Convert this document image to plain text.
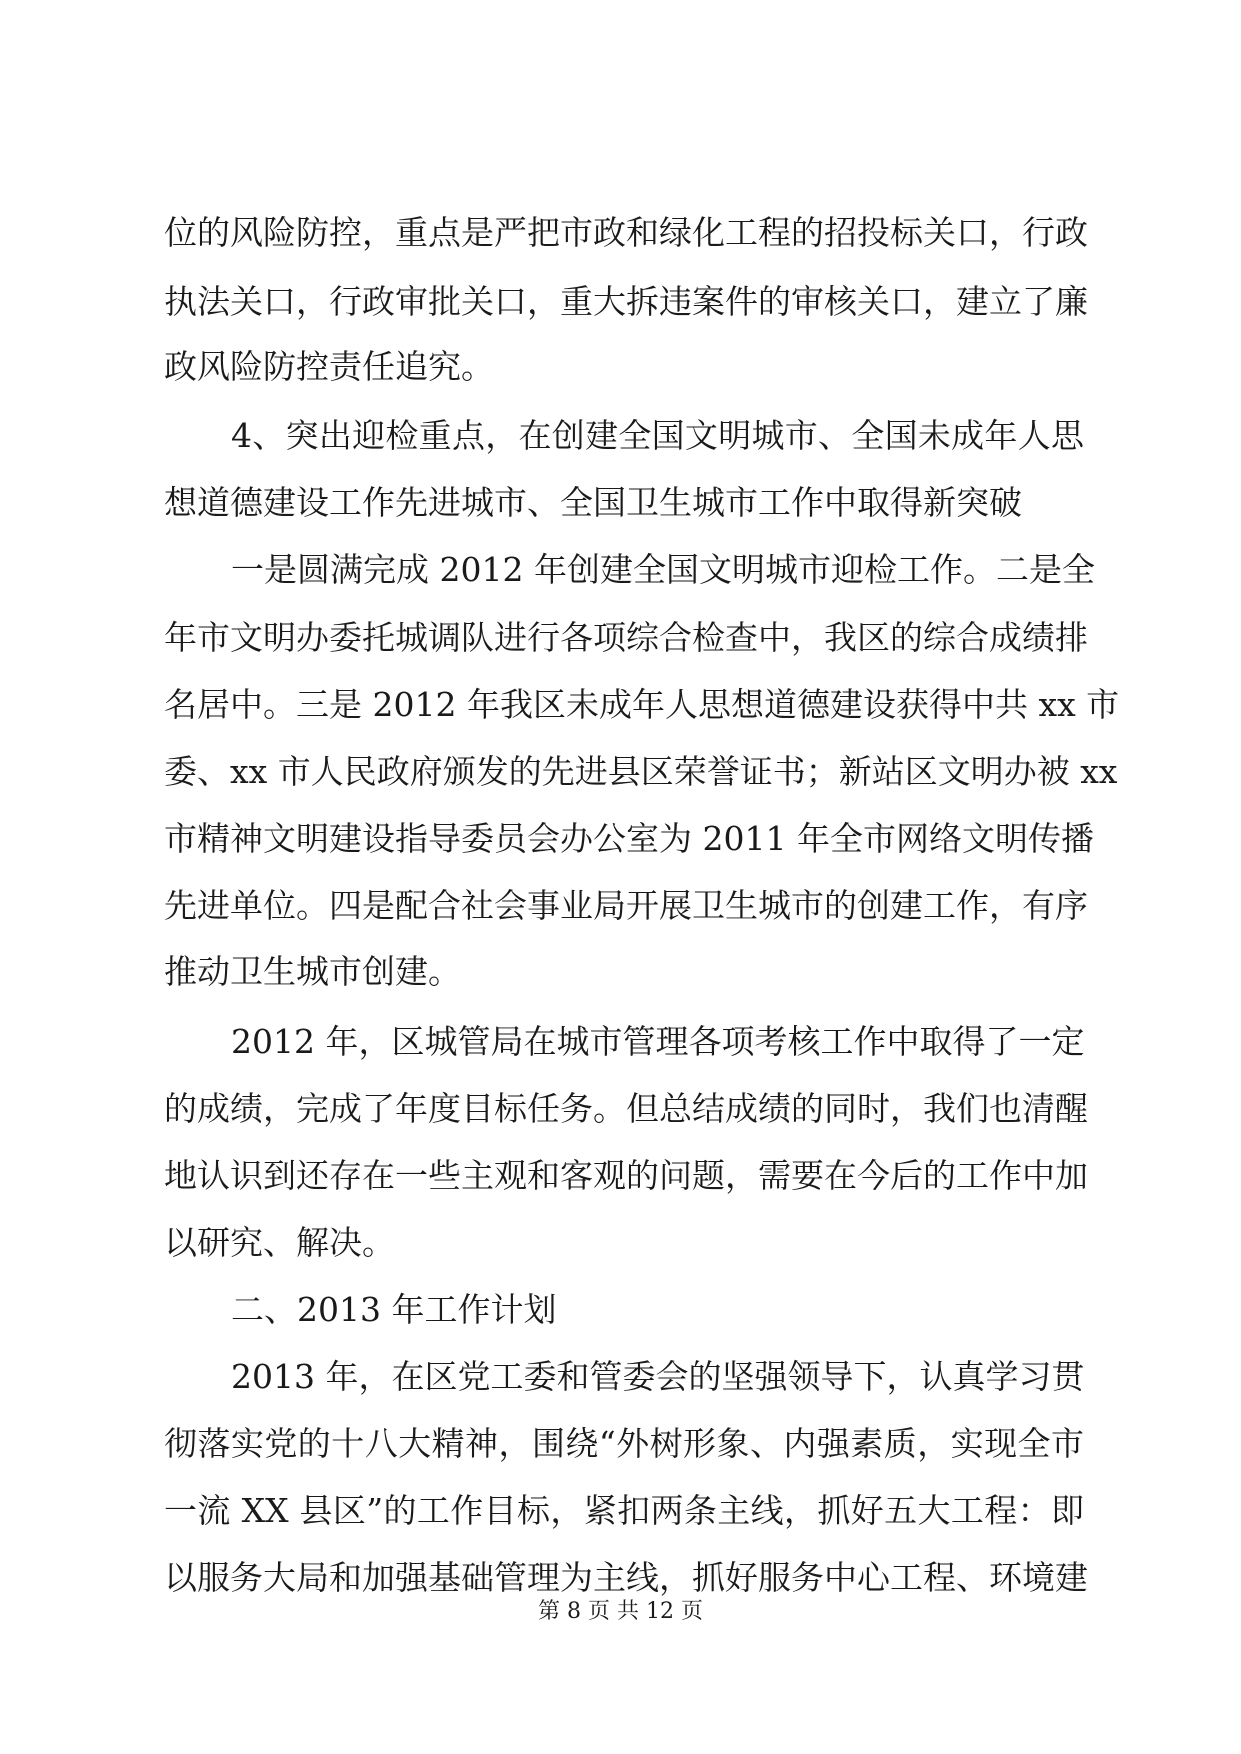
位的风险防控，重点是严把市政和绿化工程的招投标关口，行政
执法关口，行政审批关口，重大拆违案件的审核关口，建立了廉
政风险防控责任追究。
4、突出迎检重点，在创建全国文明城市、全国未成年人思
想道德建设工作先进城市、全国卫生城市工作中取得新突破
一是圆满完成 2012 年创建全国文明城市迎检工作。二是全
年市文明办委托城调队进行各项综合检查中，我区的综合成绩排
名居中。三是 2012 年我区未成年人思想道德建设获得中共 xx 市
委、xx 市人民政府颁发的先进县区荣誉证书；新站区文明办被 xx
市精神文明建设指导委员会办公室为 2011 年全市网络文明传播
先进单位。四是配合社会事业局开展卫生城市的创建工作，有序
推动卫生城市创建。
2012 年，区城管局在城市管理各项考核工作中取得了一定
的成绩，完成了年度目标任务。但总结成绩的同时，我们也清醒
地认识到还存在一些主观和客观的问题，需要在今后的工作中加
以研究、解决。
二、2013 年工作计划
2013 年，在区党工委和管委会的坚强领导下，认真学习贯
彻落实党的十八大精神，围绕“外树形象、内强素质，实现全市
一流 XX 县区”的工作目标，紧扣两条主线，抓好五大工程：即
以服务大局和加强基础管理为主线，抓好服务中心工程、环境建
第 8 页 共 12 页
